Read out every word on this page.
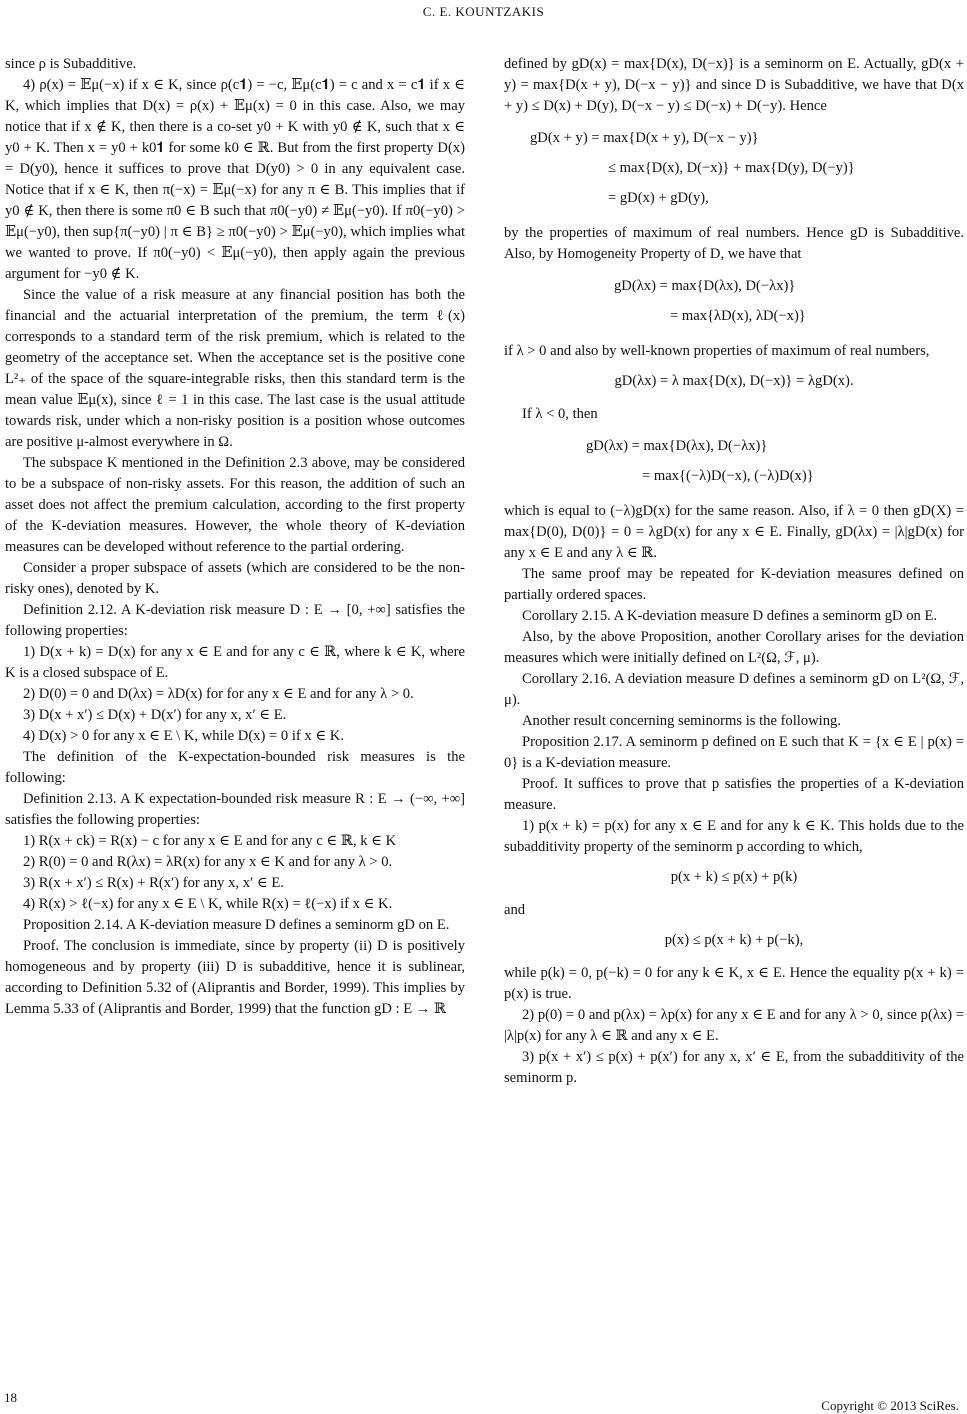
C. E. KOUNTZAKIS

since ρ is Subadditive.

4) ρ(x) = 𝔼μ(−x) if x ∈ K, since ρ(c𝟏) = −c, 𝔼μ(c𝟏) = c and x = c𝟏 if x ∈ K, which implies that D(x) = ρ(x) + 𝔼μ(x) = 0 in this case. Also, we may notice that if x ∉ K, then there is a co-set y0 + K with y0 ∉ K, such that x ∈ y0 + K. Then x = y0 + k0𝟏 for some k0 ∈ ℝ. But from the first property D(x) = D(y0), hence it suffices to prove that D(y0) > 0 in any equivalent case. Notice that if x ∈ K, then π(−x) = 𝔼μ(−x) for any π ∈ B. This implies that if y0 ∉ K, then there is some π0 ∈ B such that π0(−y0) ≠ 𝔼μ(−y0). If π0(−y0) > 𝔼μ(−y0), then sup{π(−y0) | π ∈ B} ≥ π0(−y0) > 𝔼μ(−y0), which implies what we wanted to prove. If π0(−y0) < 𝔼μ(−y0), then apply again the previous argument for −y0 ∉ K.

Since the value of a risk measure at any financial position has both the financial and the actuarial interpretation of the premium, the term ℓ(x) corresponds to a standard term of the risk premium, which is related to the geometry of the acceptance set. When the acceptance set is the positive cone L²₊ of the space of the square-integrable risks, then this standard term is the mean value 𝔼μ(x), since ℓ = 1 in this case. The last case is the usual attitude towards risk, under which a non-risky position is a position whose outcomes are positive μ-almost everywhere in Ω.

The subspace K mentioned in the Definition 2.3 above, may be considered to be a subspace of non-risky assets. For this reason, the addition of such an asset does not affect the premium calculation, according to the first property of the K-deviation measures. However, the whole theory of K-deviation measures can be developed without reference to the partial ordering.

Consider a proper subspace of assets (which are considered to be the non-risky ones), denoted by K.

Definition 2.12. A K-deviation risk measure D : E → [0, +∞] satisfies the following properties:

1) D(x + k) = D(x) for any x ∈ E and for any c ∈ ℝ, where k ∈ K, where K is a closed subspace of E.

2) D(0) = 0 and D(λx) = λD(x) for for any x ∈ E and for any λ > 0.

3) D(x + x′) ≤ D(x) + D(x′) for any x, x′ ∈ E.

4) D(x) > 0 for any x ∈ E \ K, while D(x) = 0 if x ∈ K.

The definition of the K-expectation-bounded risk measures is the following:

Definition 2.13. A K expectation-bounded risk measure R : E → (−∞, +∞] satisfies the following properties:

1) R(x + ck) = R(x) − c for any x ∈ E and for any c ∈ ℝ, k ∈ K

2) R(0) = 0 and R(λx) = λR(x) for any x ∈ K and for any λ > 0.

3) R(x + x′) ≤ R(x) + R(x′) for any x, x′ ∈ E.

4) R(x) > ℓ(−x) for any x ∈ E \ K, while R(x) = ℓ(−x) if x ∈ K.

Proposition 2.14. A K-deviation measure D defines a seminorm gD on E.

Proof. The conclusion is immediate, since by property (ii) D is positively homogeneous and by property (iii) D is subadditive, hence it is sublinear, according to Definition 5.32 of (Aliprantis and Border, 1999). This implies by Lemma 5.33 of (Aliprantis and Border, 1999) that the function gD : E → ℝ

defined by gD(x) = max{D(x), D(−x)} is a seminorm on E. Actually, gD(x + y) = max{D(x + y), D(−x − y)} and since D is Subadditive, we have that D(x + y) ≤ D(x) + D(y), D(−x − y) ≤ D(−x) + D(−y). Hence

gD(x + y) = max{D(x + y), D(−x − y)}
≤ max{D(x), D(−x)} + max{D(y), D(−y)}
= gD(x) + gD(y),

by the properties of maximum of real numbers. Hence gD is Subadditive. Also, by Homogeneity Property of D, we have that

gD(λx) = max{D(λx), D(−λx)}
= max{λD(x), λD(−x)}

if λ > 0 and also by well-known properties of maximum of real numbers,

gD(λx) = λ max{D(x), D(−x)} = λgD(x).

If λ < 0, then

gD(λx) = max{D(λx), D(−λx)}
= max{(−λ)D(−x), (−λ)D(x)}

which is equal to (−λ)gD(x) for the same reason. Also, if λ = 0 then gD(X) = max{D(0), D(0)} = 0 = λgD(x) for any x ∈ E. Finally, gD(λx) = |λ|gD(x) for any x ∈ E and any λ ∈ ℝ.

The same proof may be repeated for K-deviation measures defined on partially ordered spaces.

Corollary 2.15. A K-deviation measure D defines a seminorm gD on E.

Also, by the above Proposition, another Corollary arises for the deviation measures which were initially defined on L²(Ω, ℱ, μ).

Corollary 2.16. A deviation measure D defines a seminorm gD on L²(Ω, ℱ, μ).

Another result concerning seminorms is the following.

Proposition 2.17. A seminorm p defined on E such that K = {x ∈ E | p(x) = 0} is a K-deviation measure.

Proof. It suffices to prove that p satisfies the properties of a K-deviation measure.

1) p(x + k) = p(x) for any x ∈ E and for any k ∈ K. This holds due to the subadditivity property of the seminorm p according to which,

p(x + k) ≤ p(x) + p(k)

and

p(x) ≤ p(x + k) + p(−k),

while p(k) = 0, p(−k) = 0 for any k ∈ K, x ∈ E. Hence the equality p(x + k) = p(x) is true.

2) p(0) = 0 and p(λx) = λp(x) for any x ∈ E and for any λ > 0, since p(λx) = |λ|p(x) for any λ ∈ ℝ and any x ∈ E.

3) p(x + x′) ≤ p(x) + p(x′) for any x, x′ ∈ E, from the subadditivity of the seminorm p.

18
Copyright © 2013 SciRes.
